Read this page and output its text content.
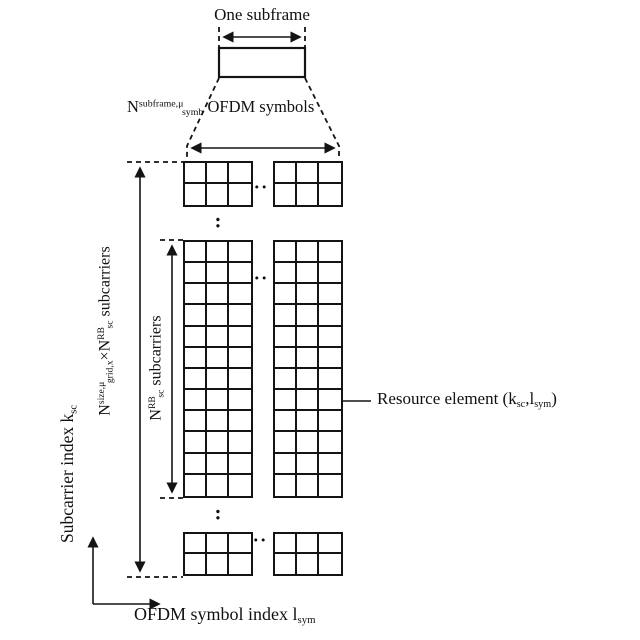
··
··
··
:
:
One subframe
$N^{subframe,\mu}_{symb}$ OFDM symbols
$N^{size,\mu}_{grid,x}\times N^{RB}_{sc}$ subcarriers
$N^{RB}_{sc}$ subcarriers
Subcarrier index $k_{sc}$
OFDM symbol index $l_{sym}$
Resource element $(k_{sc},l_{sym})$
